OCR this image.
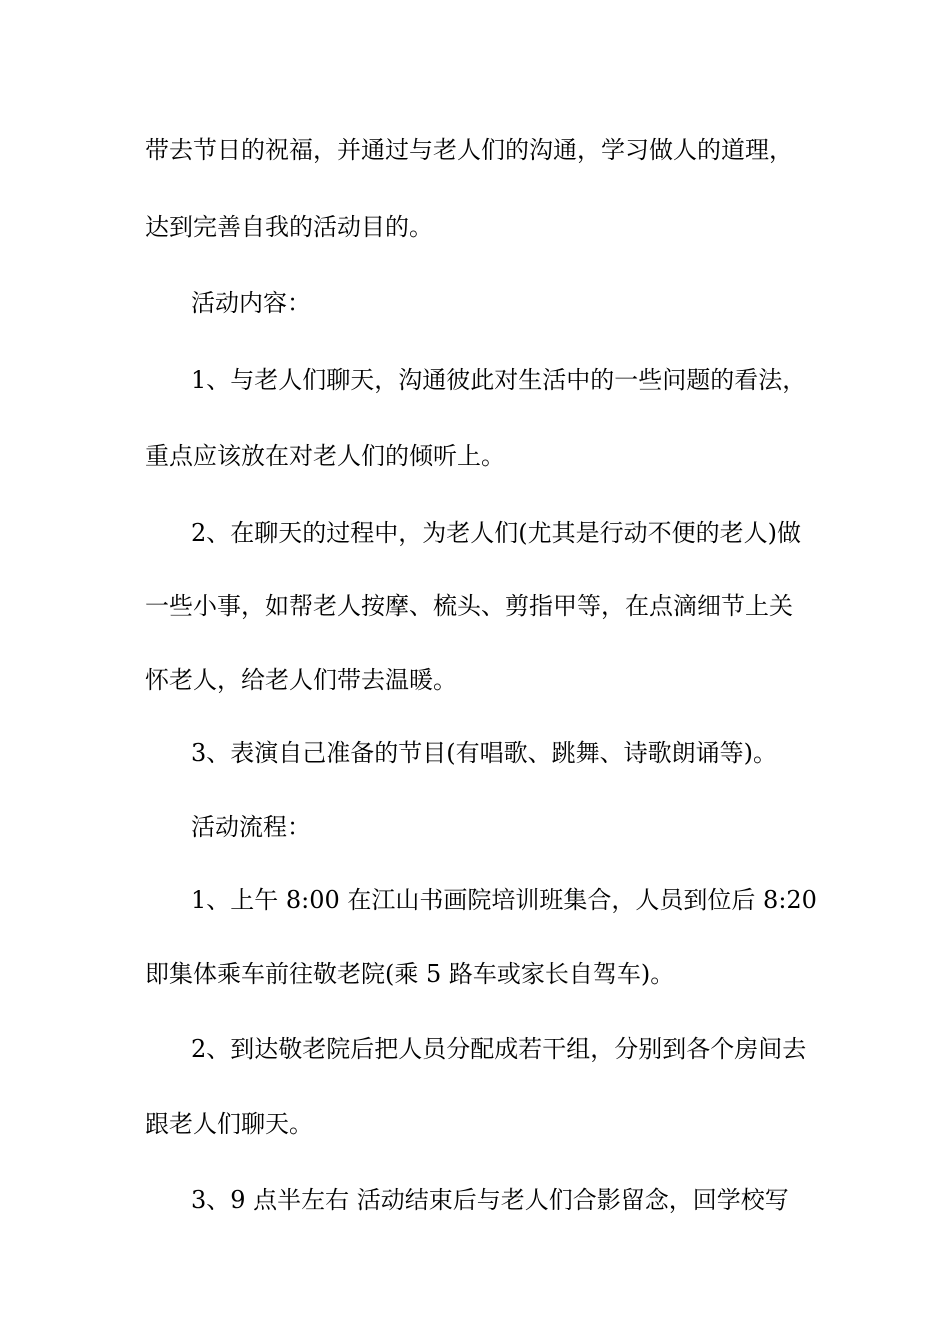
带去节日的祝福，并通过与老人们的沟通，学习做人的道理，
达到完善自我的活动目的。
活动内容：
1、与老人们聊天，沟通彼此对生活中的一些问题的看法，
重点应该放在对老人们的倾听上。
2、在聊天的过程中，为老人们(尤其是行动不便的老人)做
一些小事，如帮老人按摩、梳头、剪指甲等，在点滴细节上关
怀老人，给老人们带去温暖。
3、表演自己准备的节目(有唱歌、跳舞、诗歌朗诵等)。
活动流程：
1、上午 8:00 在江山书画院培训班集合，人员到位后 8:20
即集体乘车前往敬老院(乘 5 路车或家长自驾车)。
2、到达敬老院后把人员分配成若干组，分别到各个房间去
跟老人们聊天。
3、9 点半左右 活动结束后与老人们合影留念，回学校写
